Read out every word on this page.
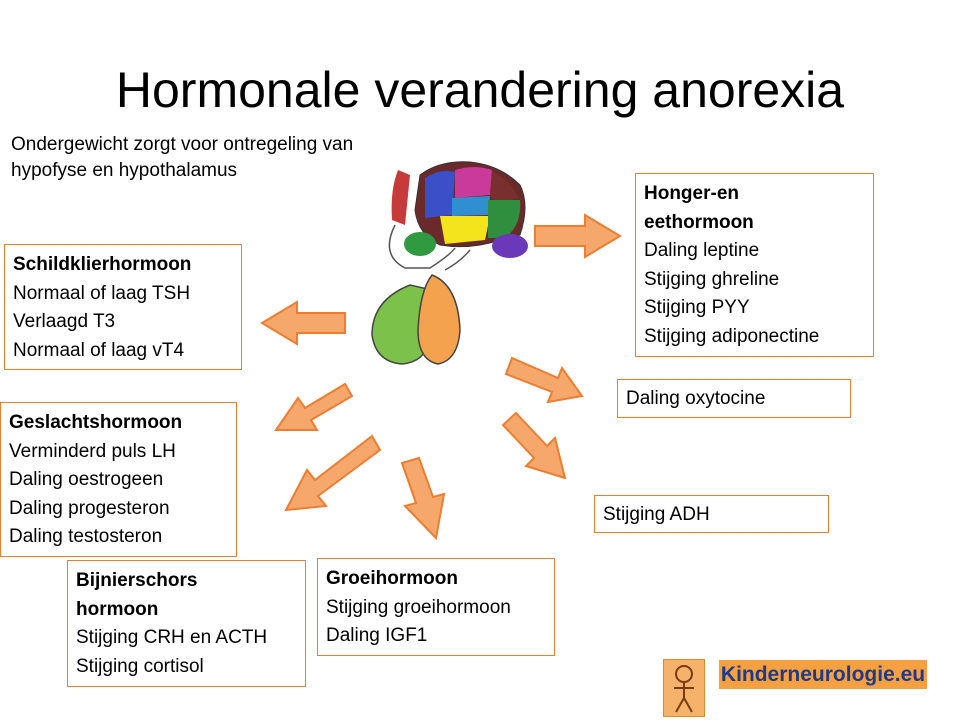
Hormonale verandering anorexia
Ondergewicht zorgt voor ontregeling van hypofyse en hypothalamus
Honger-en
eethormoon
Daling leptine
Stijging ghreline
Stijging PYY
Stijging adiponectine
Schildklierhormoon
Normaal of laag TSH
Verlaagd T3
Normaal of laag vT4
Geslachtshormoon
Verminderd puls LH
Daling oestrogeen
Daling progesteron
Daling testosteron
Bijnierschors
hormoon
Stijging CRH en ACTH
Stijging cortisol
Groeihormoon
Stijging groeihormoon
Daling IGF1
Daling oxytocine
Stijging ADH
Kinderneurologie.eu
